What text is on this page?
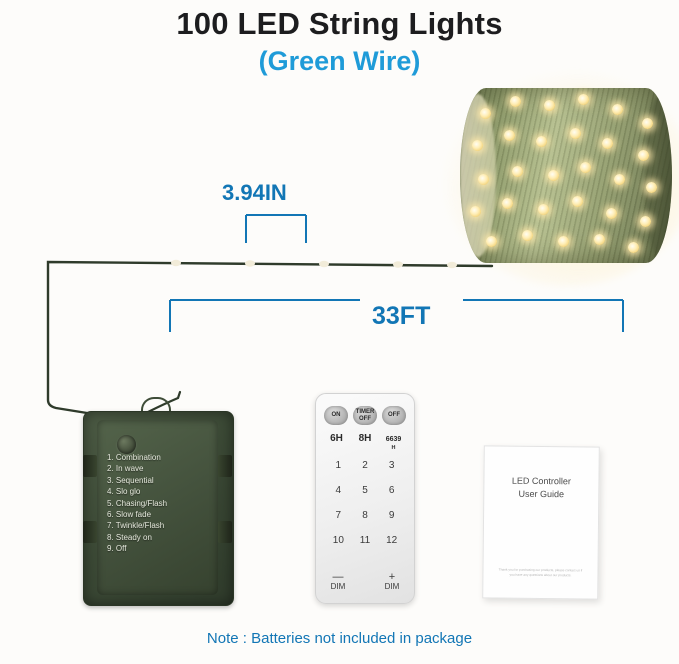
100 LED String Lights
(Green Wire)
3.94IN
33FT
1. Combination
2. In wave
3. Sequential
4. Slo glo
5. Chasing/Flash
6. Slow fade
7. Twinkle/Flash
8. Steady on
9. Off
ON
TIMER OFF
OFF
6H	8H	6639
H
1	2	3
4	5	6
7	8	9
10	11	12
—
DIM
+
DIM
LED Controller
User Guide
Thank you for purchasing our products, please contact us if you have any questions about our products.
Note : Batteries not included in package
